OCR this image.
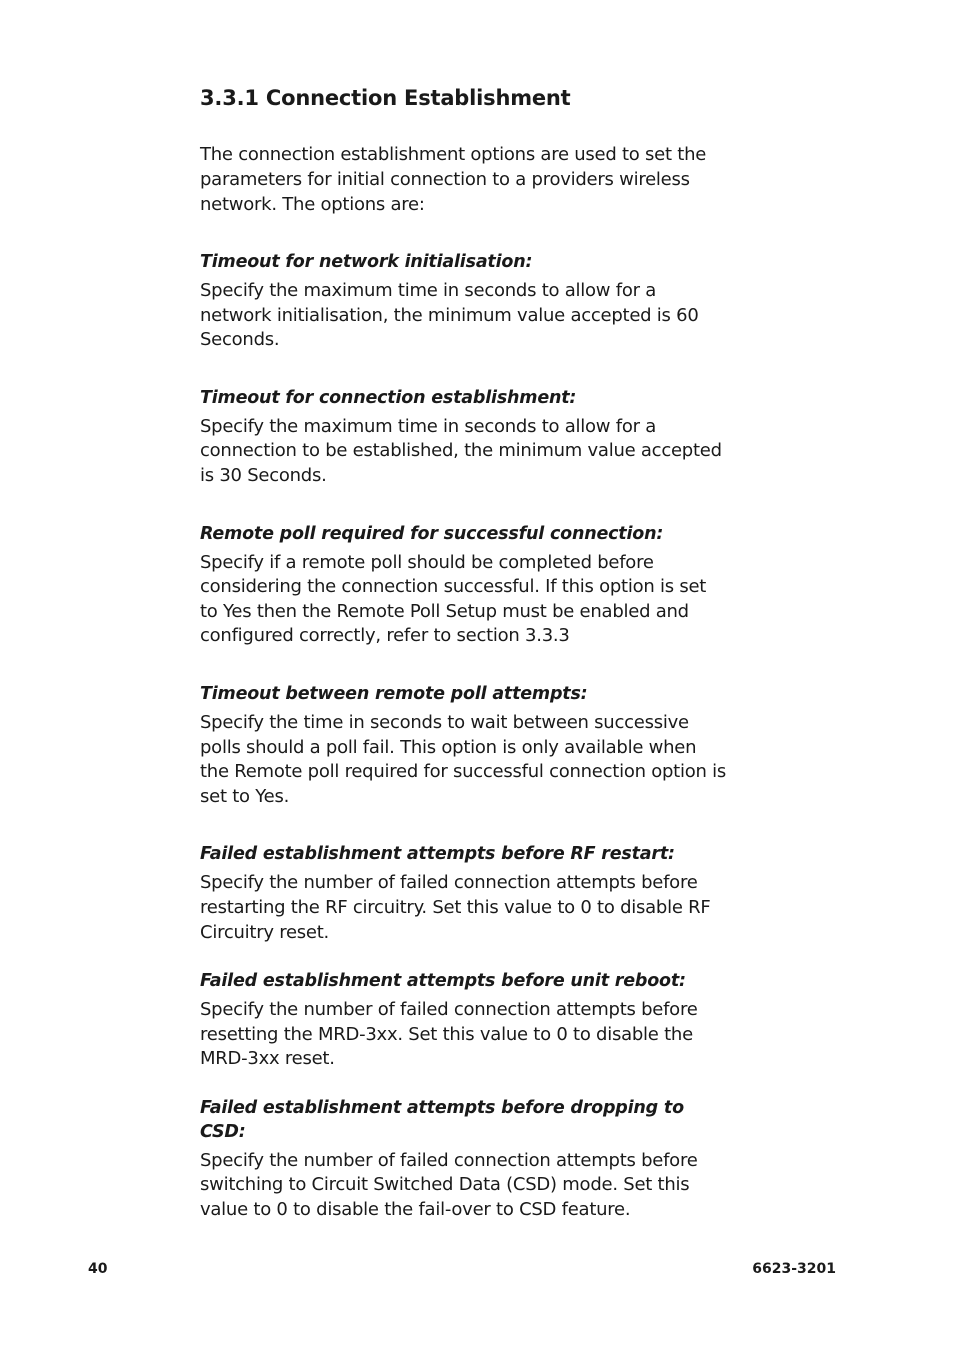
3.3.1 Connection Establishment

The connection establishment options are used to set the parameters for initial connection to a providers wireless network. The options are:

Timeout for network initialisation:

Specify the maximum time in seconds to allow for a network initialisation, the minimum value accepted is 60 Seconds.

Timeout for connection establishment:

Specify the maximum time in seconds to allow for a connection to be established, the minimum value accepted is 30 Seconds.

Remote poll required for successful connection:

Specify if a remote poll should be completed before considering the connection successful. If this option is set to Yes then the Remote Poll Setup must be enabled and configured correctly, refer to section 3.3.3

Timeout between remote poll attempts:

Specify the time in seconds to wait between successive polls should a poll fail. This option is only available when the Remote poll required for successful connection option is set to Yes.

Failed establishment attempts before RF restart:

Specify the number of failed connection attempts before restarting the RF circuitry. Set this value to 0 to disable RF Circuitry reset.

Failed establishment attempts before unit reboot:

Specify the number of failed connection attempts before resetting the MRD-3xx. Set this value to 0 to disable the MRD-3xx reset.

Failed establishment attempts before dropping to CSD:

Specify the number of failed connection attempts before switching to Circuit Switched Data (CSD) mode. Set this value to 0 to disable the fail-over to CSD feature.

40	6623-3201
